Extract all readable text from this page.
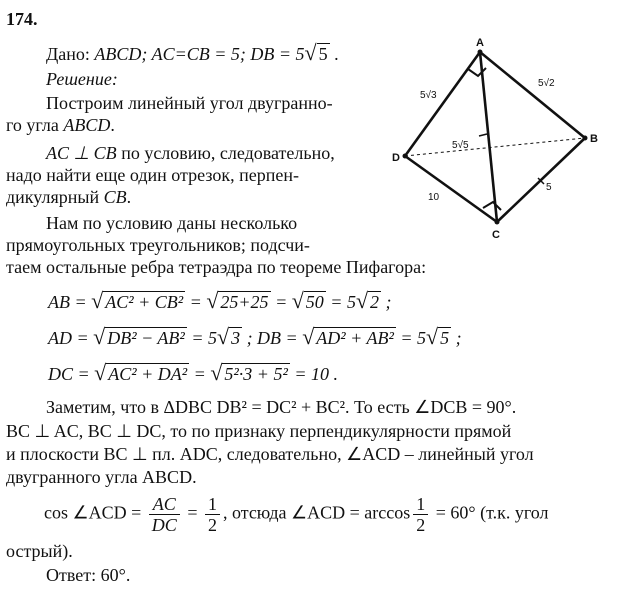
174.
Дано: ABCD; AC=CB = 5; DB = 5√ 5 .
Решение:
Построим линейный угол двугранно-
го угла ABCD.
AC ⊥ CB по условию, следовательно,
надо найти еще один отрезок, перпен-
дикулярный CB.
Нам по условию даны несколько
прямоугольных треугольников; подсчи-
таем остальные ребра тетраэдра по теореме Пифагора:
AB = √ AC² + CB² = √ 25+25 = √ 50 = 5√ 2 ;
AD = √ DB² − AB² = 5√ 3 ; DB = √ AD² + AB² = 5√ 5 ;
DC = √ AC² + DA² = √ 5²·3 + 5² = 10 .
Заметим, что в ΔDBC DB² = DC² + BC². То есть ∠DCB = 90°.
BC ⊥ AC, BC ⊥ DC, то по признаку перпендикулярности прямой
и плоскости BC ⊥ пл. ADC, следовательно, ∠ACD – линейный угол
двугранного угла ABCD.
cos ∠ACD = $\frac{AC}{DC} = \frac{1}{2}$ , отсюда ∠ACD = $\arccos \frac{1}{2} = 60^\circ$ (т.к. угол
острый).
Ответ: 60°.
A
B
C
D
5√3
5√2
5√5
10
5
